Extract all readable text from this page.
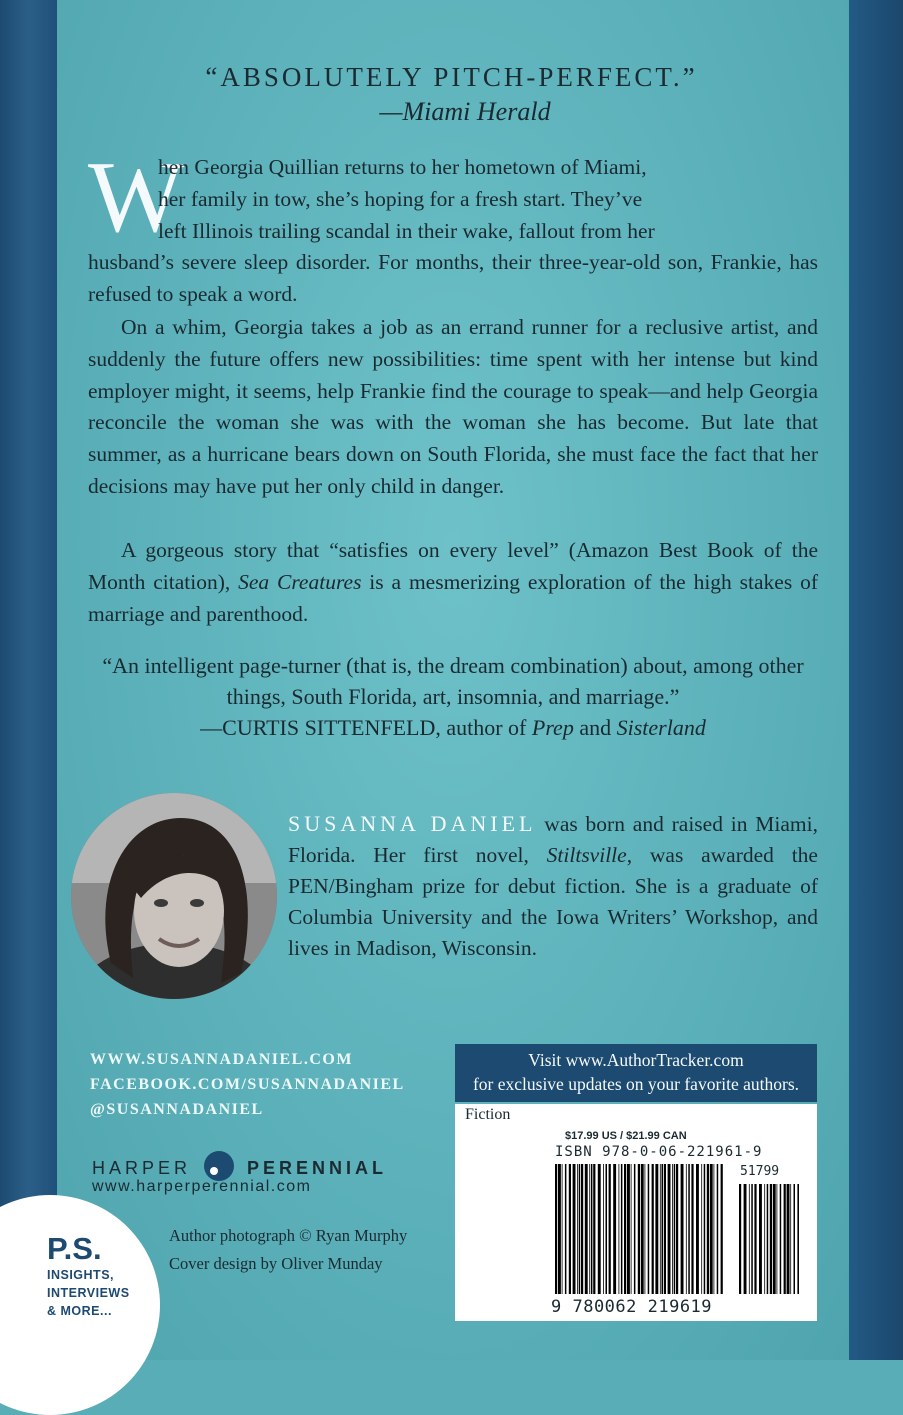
“ABSOLUTELY PITCH-PERFECT.”
—Miami Herald
W
hen Georgia Quillian returns to her hometown of Miami,
her family in tow, she’s hoping for a fresh start. They’ve
left Illinois trailing scandal in their wake, fallout from her
husband’s severe sleep disorder. For months, their three-year-old son, Frankie, has refused to speak a word.
On a whim, Georgia takes a job as an errand runner for a reclusive artist, and suddenly the future offers new possibilities: time spent with her intense but kind employer might, it seems, help Frankie find the courage to speak—and help Georgia reconcile the woman she was with the woman she has become. But late that summer, as a hurricane bears down on South Florida, she must face the fact that her decisions may have put her only child in danger.
A gorgeous story that “satisfies on every level” (Amazon Best Book of the Month citation), Sea Creatures is a mesmerizing exploration of the high stakes of marriage and parenthood.
“An intelligent page-turner (that is, the dream combination) about, among other things, South Florida, art, insomnia, and marriage.”
—CURTIS SITTENFELD, author of Prep and Sisterland
SUSANNA DANIEL was born and raised in Miami, Florida. Her first novel, Stiltsville, was awarded the PEN/Bingham prize for debut fiction. She is a graduate of Columbia University and the Iowa Writers’ Workshop, and lives in Madison, Wisconsin.
WWW.SUSANNADANIEL.COM
FACEBOOK.COM/SUSANNADANIEL
@SUSANNADANIEL
Visit www.AuthorTracker.com
for exclusive updates on your favorite authors.
Fiction
$17.99 US / $21.99 CAN
ISBN 978-0-06-221961-9
51799
9 780062 219619
HARPER	PERENNIAL
www.harperperennial.com
Author photograph © Ryan Murphy
Cover design by Oliver Munday
P.S.
INSIGHTS,
INTERVIEWS
& MORE...
